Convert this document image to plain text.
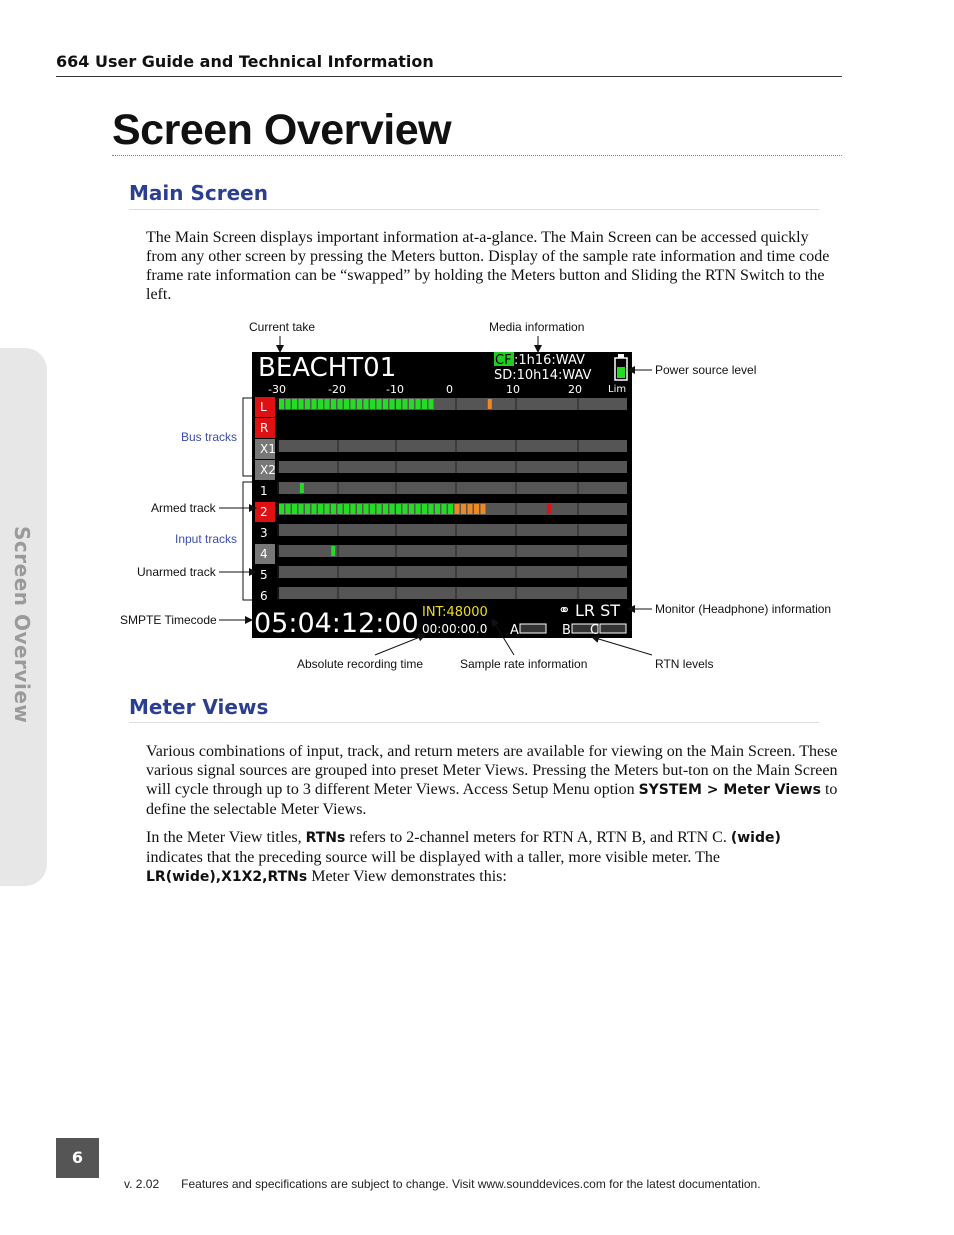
664 User Guide and Technical Information
Screen Overview
Screen Overview
Main Screen
The Main Screen displays important information at-a-glance. The Main Screen can be accessed quickly from any other screen by pressing the Meters button. Display of the sample rate information and time code frame rate information can be “swapped” by holding the Meters button and Sliding the RTN Switch to the left.
BEACHT01	CF :1h16:WAV
SD:10h14:WAV
-30	-20	-10	0	10	20	Lim
L
R
X1
X2
1
2
3
4
5
6
05:04:12:00 INT:48000
00:00:00.0
⚭ LR ST
A	B C
Current take	Media information
Power source level
Bus tracks
Armed track
Input tracks
Unarmed track
SMPTE Timecode
Monitor (Headphone) information
Absolute recording time	Sample rate information	RTN levels
Meter Views
Various combinations of input, track, and return meters are available for viewing on the Main Screen. These various signal sources are grouped into preset Meter Views. Pressing the Meters but-ton on the Main Screen will cycle through up to 3 different Meter Views. Access Setup Menu option SYSTEM > Meter Views to define the selectable Meter Views.
In the Meter View titles, RTNs refers to 2-channel meters for RTN A, RTN B, and RTN C. (wide) indicates that the preceding source will be displayed with a taller, more visible meter. The LR(wide),X1X2,RTNs Meter View demonstrates this:
6
v. 2.02 Features and specifications are subject to change. Visit www.sounddevices.com for the latest documentation.
